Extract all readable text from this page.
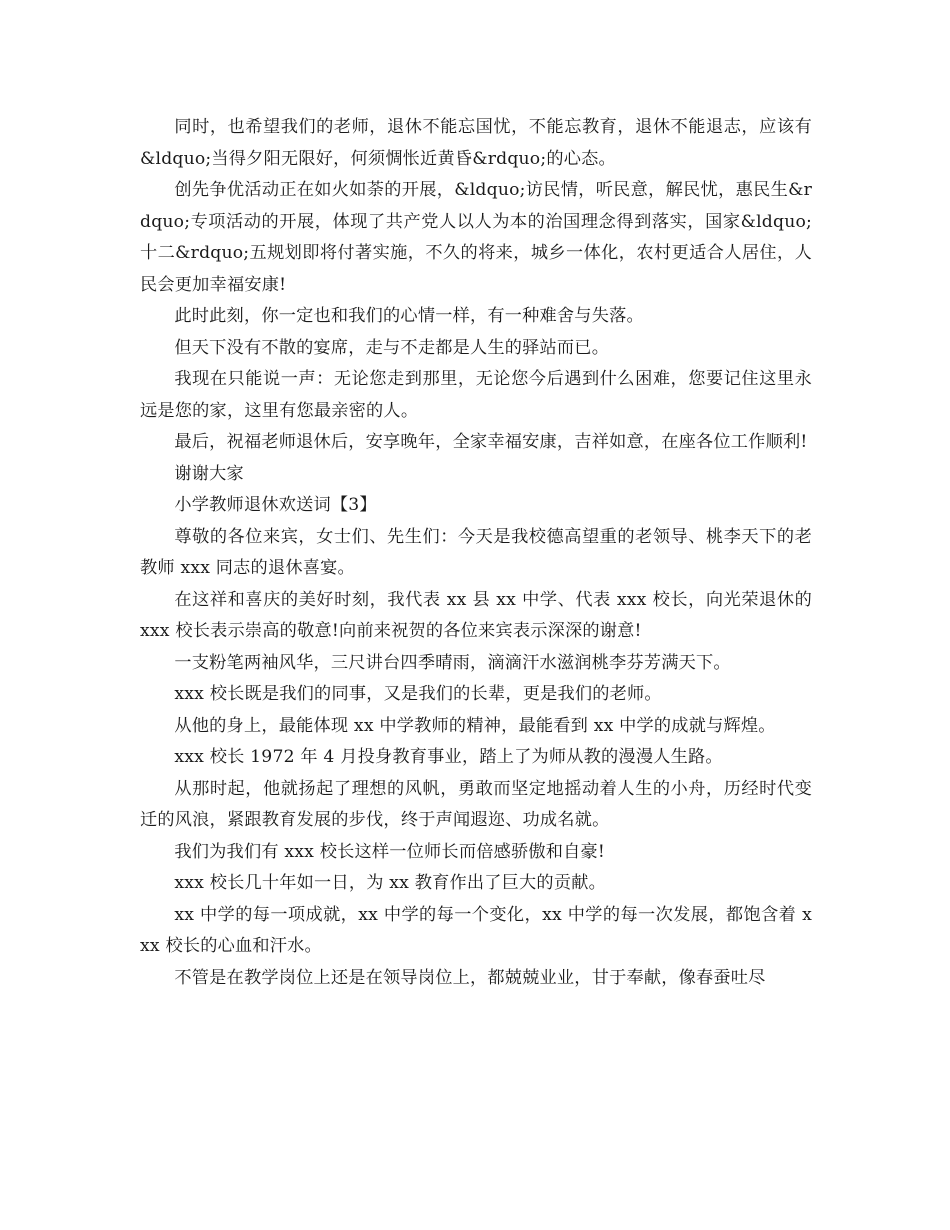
同时，也希望我们的老师，退休不能忘国忧，不能忘教育，退休不能退志，应该有&ldquo;当得夕阳无限好，何须惆怅近黄昏&rdquo;的心态。

创先争优活动正在如火如荼的开展，&ldquo;访民情，听民意，解民忧，惠民生&rdquo;专项活动的开展，体现了共产党人以人为本的治国理念得到落实，国家&ldquo;十二&rdquo;五规划即将付著实施，不久的将来，城乡一体化，农村更适合人居住，人民会更加幸福安康!

此时此刻，你一定也和我们的心情一样，有一种难舍与失落。

但天下没有不散的宴席，走与不走都是人生的驿站而已。

我现在只能说一声：无论您走到那里，无论您今后遇到什么困难，您要记住这里永远是您的家，这里有您最亲密的人。

最后，祝福老师退休后，安享晚年，全家幸福安康，吉祥如意，在座各位工作顺利!

谢谢大家

小学教师退休欢送词【3】

尊敬的各位来宾，女士们、先生们：今天是我校德高望重的老领导、桃李天下的老教师 xxx 同志的退休喜宴。

在这祥和喜庆的美好时刻，我代表 xx 县 xx 中学、代表 xxx 校长，向光荣退休的 xxx 校长表示崇高的敬意!向前来祝贺的各位来宾表示深深的谢意!

一支粉笔两袖风华，三尺讲台四季晴雨，滴滴汗水滋润桃李芬芳满天下。

xxx 校长既是我们的同事，又是我们的长辈，更是我们的老师。

从他的身上，最能体现 xx 中学教师的精神，最能看到 xx 中学的成就与辉煌。

xxx 校长 1972 年 4 月投身教育事业，踏上了为师从教的漫漫人生路。

从那时起，他就扬起了理想的风帆，勇敢而坚定地摇动着人生的小舟，历经时代变迁的风浪，紧跟教育发展的步伐，终于声闻遐迩、功成名就。

我们为我们有 xxx 校长这样一位师长而倍感骄傲和自豪!

xxx 校长几十年如一日，为 xx 教育作出了巨大的贡献。

xx 中学的每一项成就，xx 中学的每一个变化，xx 中学的每一次发展，都饱含着 xxx 校长的心血和汗水。

不管是在教学岗位上还是在领导岗位上，都兢兢业业，甘于奉献，像春蚕吐尽
